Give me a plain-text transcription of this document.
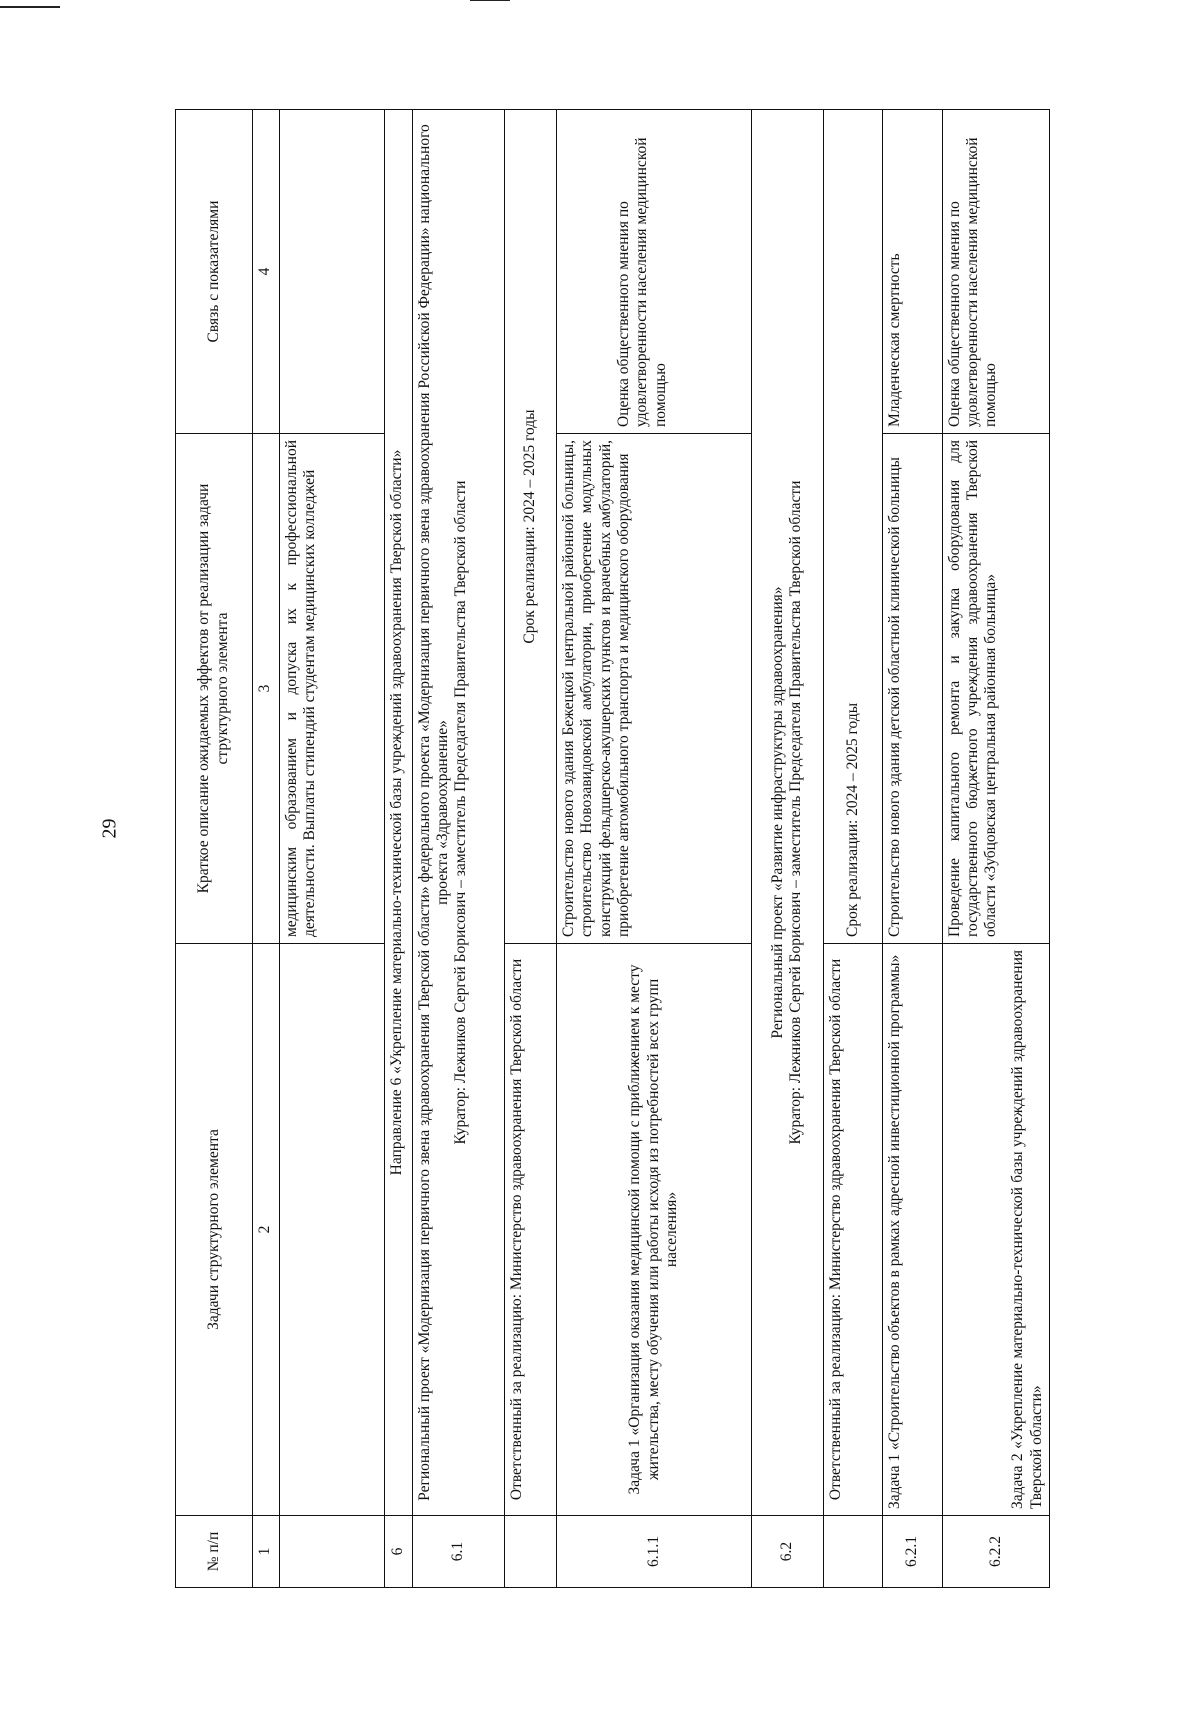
29
№ п/п	Задачи структурного элемента	Краткое описание ожидаемых эффектов от реализации задачи структурного элемента	Связь с показателями
1	2	3	4
		медицинским образованием и допуска их к профессиональной деятельности. Выплаты стипендий студентам медицинских колледжей	
6	Направление 6 «Укрепление материально-технической базы учреждений здравоохранения Тверской области»		
6.1	Региональный проект «Модернизация первичного звена здравоохранения Тверской области» федерального проекта «Модернизация первичного звена здравоохранения Российской Федерации» национального проекта «Здравоохранение» Куратор: Лежников Сергей Борисович – заместитель Председателя Правительства Тверской области		

	Ответственный за реализацию: Министерство здравоохранения Тверской области	Срок реализации: 2024 – 2025 годы	
6.1.1	Задача 1 «Организация оказания медицинской помощи с приближением к месту жительства, месту обучения или работы исходя из потребностей всех групп населения»	Строительство нового здания Бежецкой центральной районной больницы, строительство Новозавидовской амбулатории, приобретение модульных конструкций фельдшерско-акушерских пунктов и врачебных амбулаторий, приобретение автомобильного транспорта и медицинского оборудования	Оценка общественного мнения по удовлетворенности населения медицинской помощью
6.2	Региональный проект «Развитие инфраструктуры здравоохранения» Куратор: Лежников Сергей Борисович – заместитель Председателя Правительства Тверской области		

	Ответственный за реализацию: Министерство здравоохранения Тверской области	Срок реализации: 2024 – 2025 годы	
6.2.1	Задача 1 «Строительство объектов в рамках адресной инвестиционной программы»	Строительство нового здания детской областной клинической больницы	Младенческая смертность
6.2.2	Задача 2 «Укрепление материально-технической базы учреждений здравоохранения Тверской области»	Проведение капитального ремонта и закупка оборудования для государственного бюджетного учреждения здравоохранения Тверской области «Зубцовская центральная районная больница»	Оценка общественного мнения по удовлетворенности населения медицинской помощью
